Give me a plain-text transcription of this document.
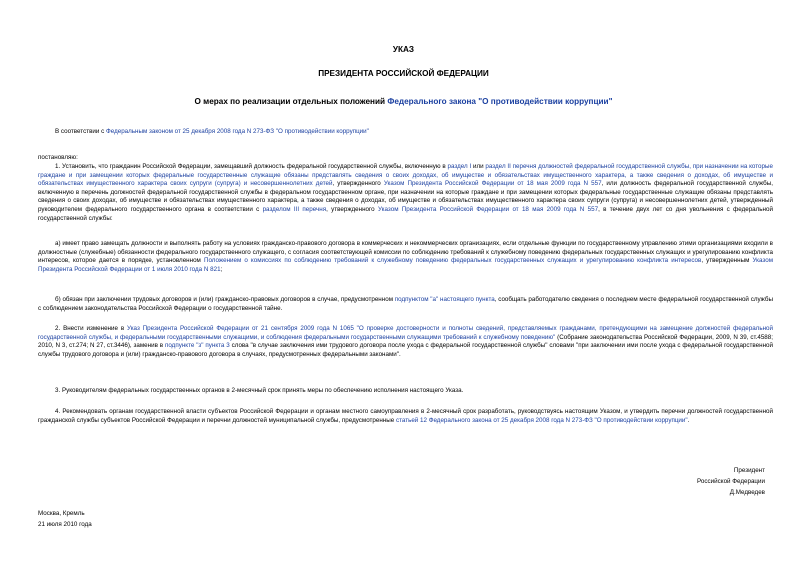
УКАЗ
ПРЕЗИДЕНТА РОССИЙСКОЙ ФЕДЕРАЦИИ
О мерах по реализации отдельных положений Федерального закона "О противодействии коррупции"

В соответствии с Федеральным законом от 25 декабря 2008 года N 273-ФЗ "О противодействии коррупции"

постановляю:

1. Установить, что гражданин Российской Федерации, замещавший должность федеральной государственной службы, включенную в раздел I или раздел II перечня должностей федеральной государственной службы, при назначении на которые граждане и при замещении которых федеральные государственные служащие обязаны представлять сведения о своих доходах, об имуществе и обязательствах имущественного характера, а также сведения о доходах, об имуществе и обязательствах имущественного характера своих супруги (супруга) и несовершеннолетних детей, утвержденного Указом Президента Российской Федерации от 18 мая 2009 года N 557, или должность федеральной государственной службы, включенную в перечень должностей федеральной государственной службы в федеральном государственном органе, при назначении на которые граждане и при замещении которых федеральные государственные служащие обязаны представлять сведения о своих доходах, об имуществе и обязательствах имущественного характера, а также сведения о доходах, об имуществе и обязательствах имущественного характера своих супруги (супруга) и несовершеннолетних детей, утвержденный руководителем федерального государственного органа в соответствии с разделом III перечня, утвержденного Указом Президента Российской Федерации от 18 мая 2009 года N 557, в течение двух лет со дня увольнения с федеральной государственной службы:

а) имеет право замещать должности и выполнять работу на условиях гражданско-правового договора в коммерческих и некоммерческих организациях, если отдельные функции по государственному управлению этими организациями входили в должностные (служебные) обязанности федерального государственного служащего, с согласия соответствующей комиссии по соблюдению требований к служебному поведению федеральных государственных служащих и урегулированию конфликта интересов, которое дается в порядке, установленном Положением о комиссиях по соблюдению требований к служебному поведению федеральных государственных служащих и урегулированию конфликта интересов, утвержденным Указом Президента Российской Федерации от 1 июля 2010 года N 821;

б) обязан при заключении трудовых договоров и (или) гражданско-правовых договоров в случае, предусмотренном подпунктом "а" настоящего пункта, сообщать работодателю сведения о последнем месте федеральной государственной службы с соблюдением законодательства Российской Федерации о государственной тайне.

2. Внести изменение в Указ Президента Российской Федерации от 21 сентября 2009 года N 1065 "О проверке достоверности и полноты сведений, представляемых гражданами, претендующими на замещение должностей федеральной государственной службы, и федеральными государственными служащими, и соблюдения федеральными государственными служащими требований к служебному поведению" (Собрание законодательства Российской Федерации, 2009, N 39, ст.4588; 2010, N 3, ст.274; N 27, ст.3446), заменив в подпункте "з" пункта 3 слова "в случае заключения ими трудового договора после ухода с федеральной государственной службы" словами "при заключении ими после ухода с федеральной государственной службы трудового договора и (или) гражданско-правового договора в случаях, предусмотренных федеральными законами".

3. Руководителям федеральных государственных органов в 2-месячный срок принять меры по обеспечению исполнения настоящего Указа.

4. Рекомендовать органам государственной власти субъектов Российской Федерации и органам местного самоуправления в 2-месячный срок разработать, руководствуясь настоящим Указом, и утвердить перечни должностей государственной гражданской службы субъектов Российской Федерации и перечни должностей муниципальной службы, предусмотренные статьей 12 Федерального закона от 25 декабря 2008 года N 273-ФЗ "О противодействии коррупции".

Президент
Российской Федерации
Д.Медведев
Москва, Кремль
21 июля 2010 года
